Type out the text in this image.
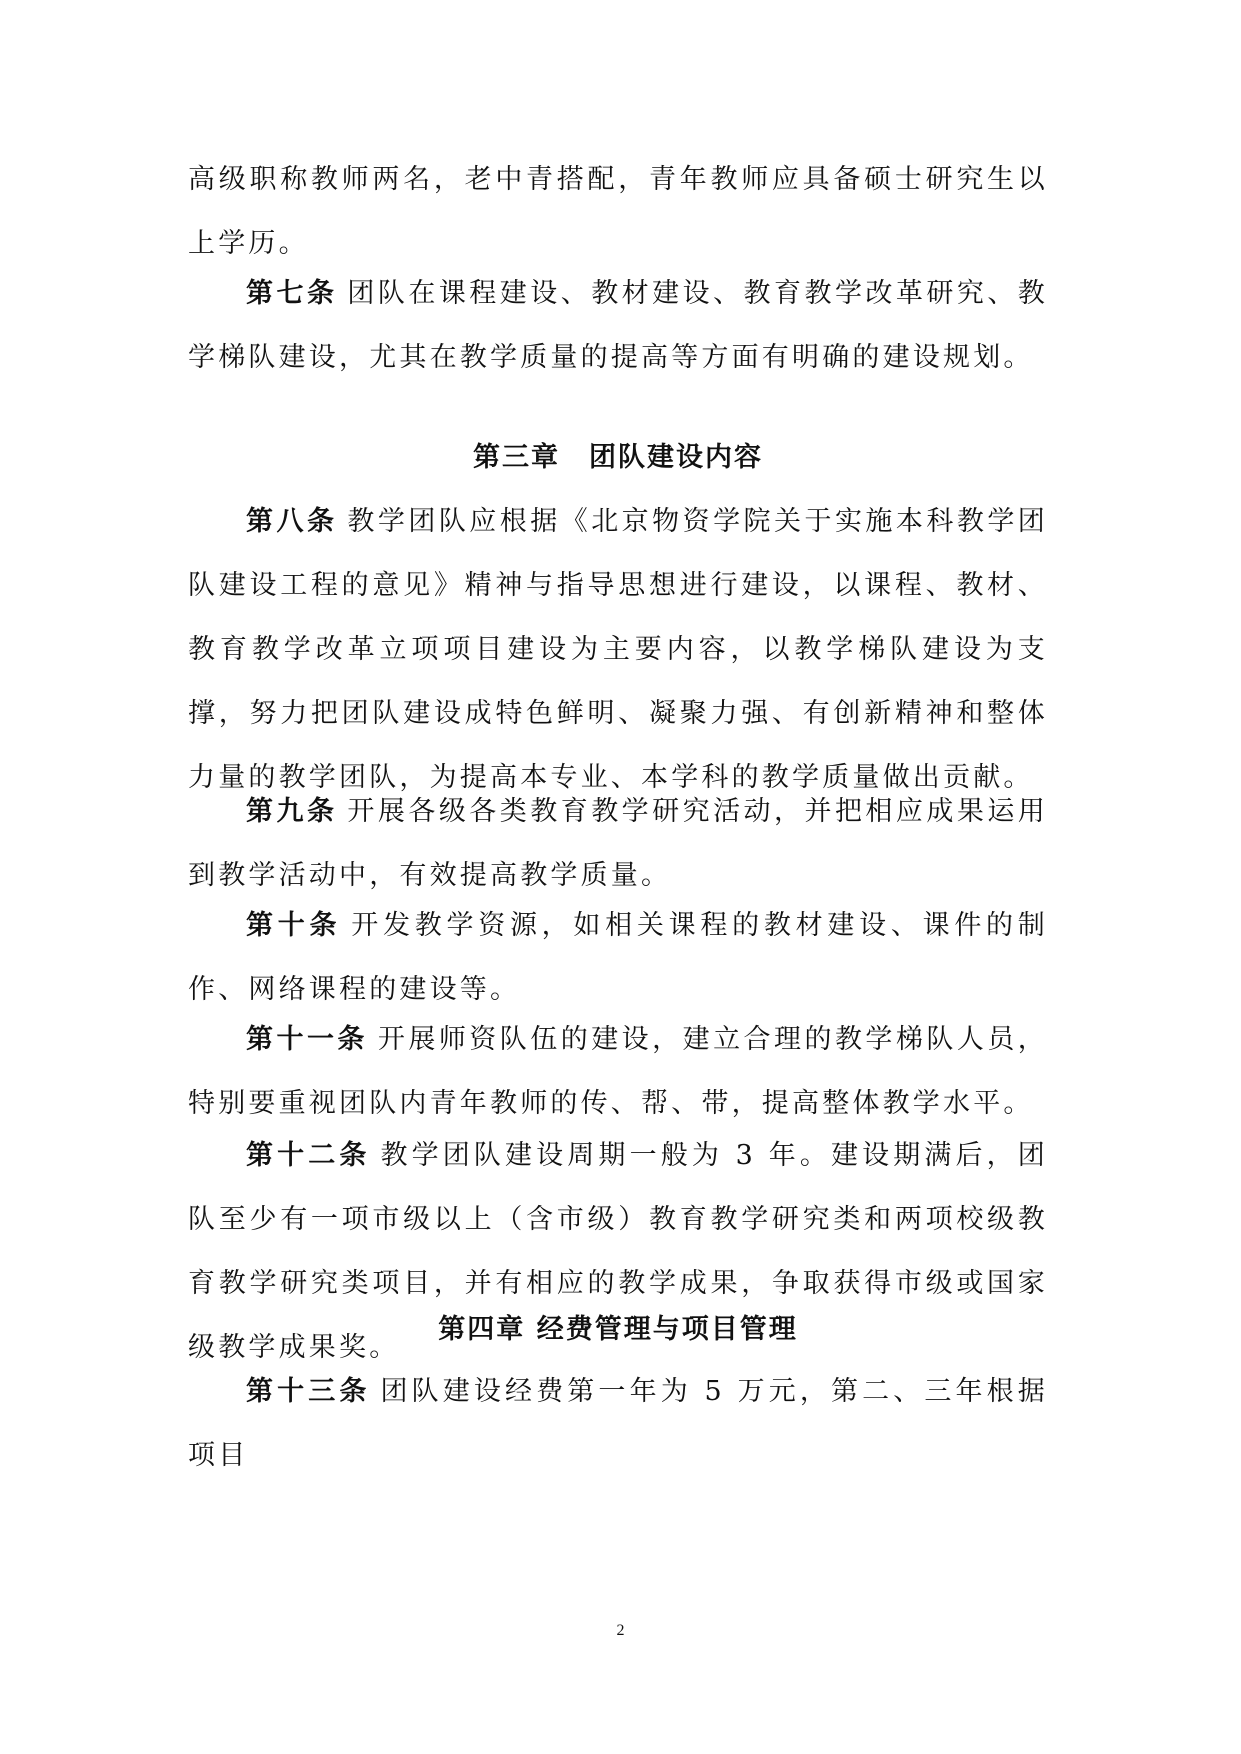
高级职称教师两名，老中青搭配，青年教师应具备硕士研究生以上学历。

第七条 团队在课程建设、教材建设、教育教学改革研究、教学梯队建设，尤其在教学质量的提高等方面有明确的建设规划。

第三章　团队建设内容

第八条 教学团队应根据《北京物资学院关于实施本科教学团队建设工程的意见》精神与指导思想进行建设，以课程、教材、教育教学改革立项项目建设为主要内容，以教学梯队建设为支撑，努力把团队建设成特色鲜明、凝聚力强、有创新精神和整体力量的教学团队，为提高本专业、本学科的教学质量做出贡献。

第九条 开展各级各类教育教学研究活动，并把相应成果运用到教学活动中，有效提高教学质量。

第十条 开发教学资源，如相关课程的教材建设、课件的制作、网络课程的建设等。

第十一条 开展师资队伍的建设，建立合理的教学梯队人员，特别要重视团队内青年教师的传、帮、带，提高整体教学水平。

第十二条 教学团队建设周期一般为 3 年。建设期满后，团队至少有一项市级以上（含市级）教育教学研究类和两项校级教育教学研究类项目，并有相应的教学成果，争取获得市级或国家级教学成果奖。

第四章 经费管理与项目管理

第十三条 团队建设经费第一年为 5 万元，第二、三年根据项目

2
